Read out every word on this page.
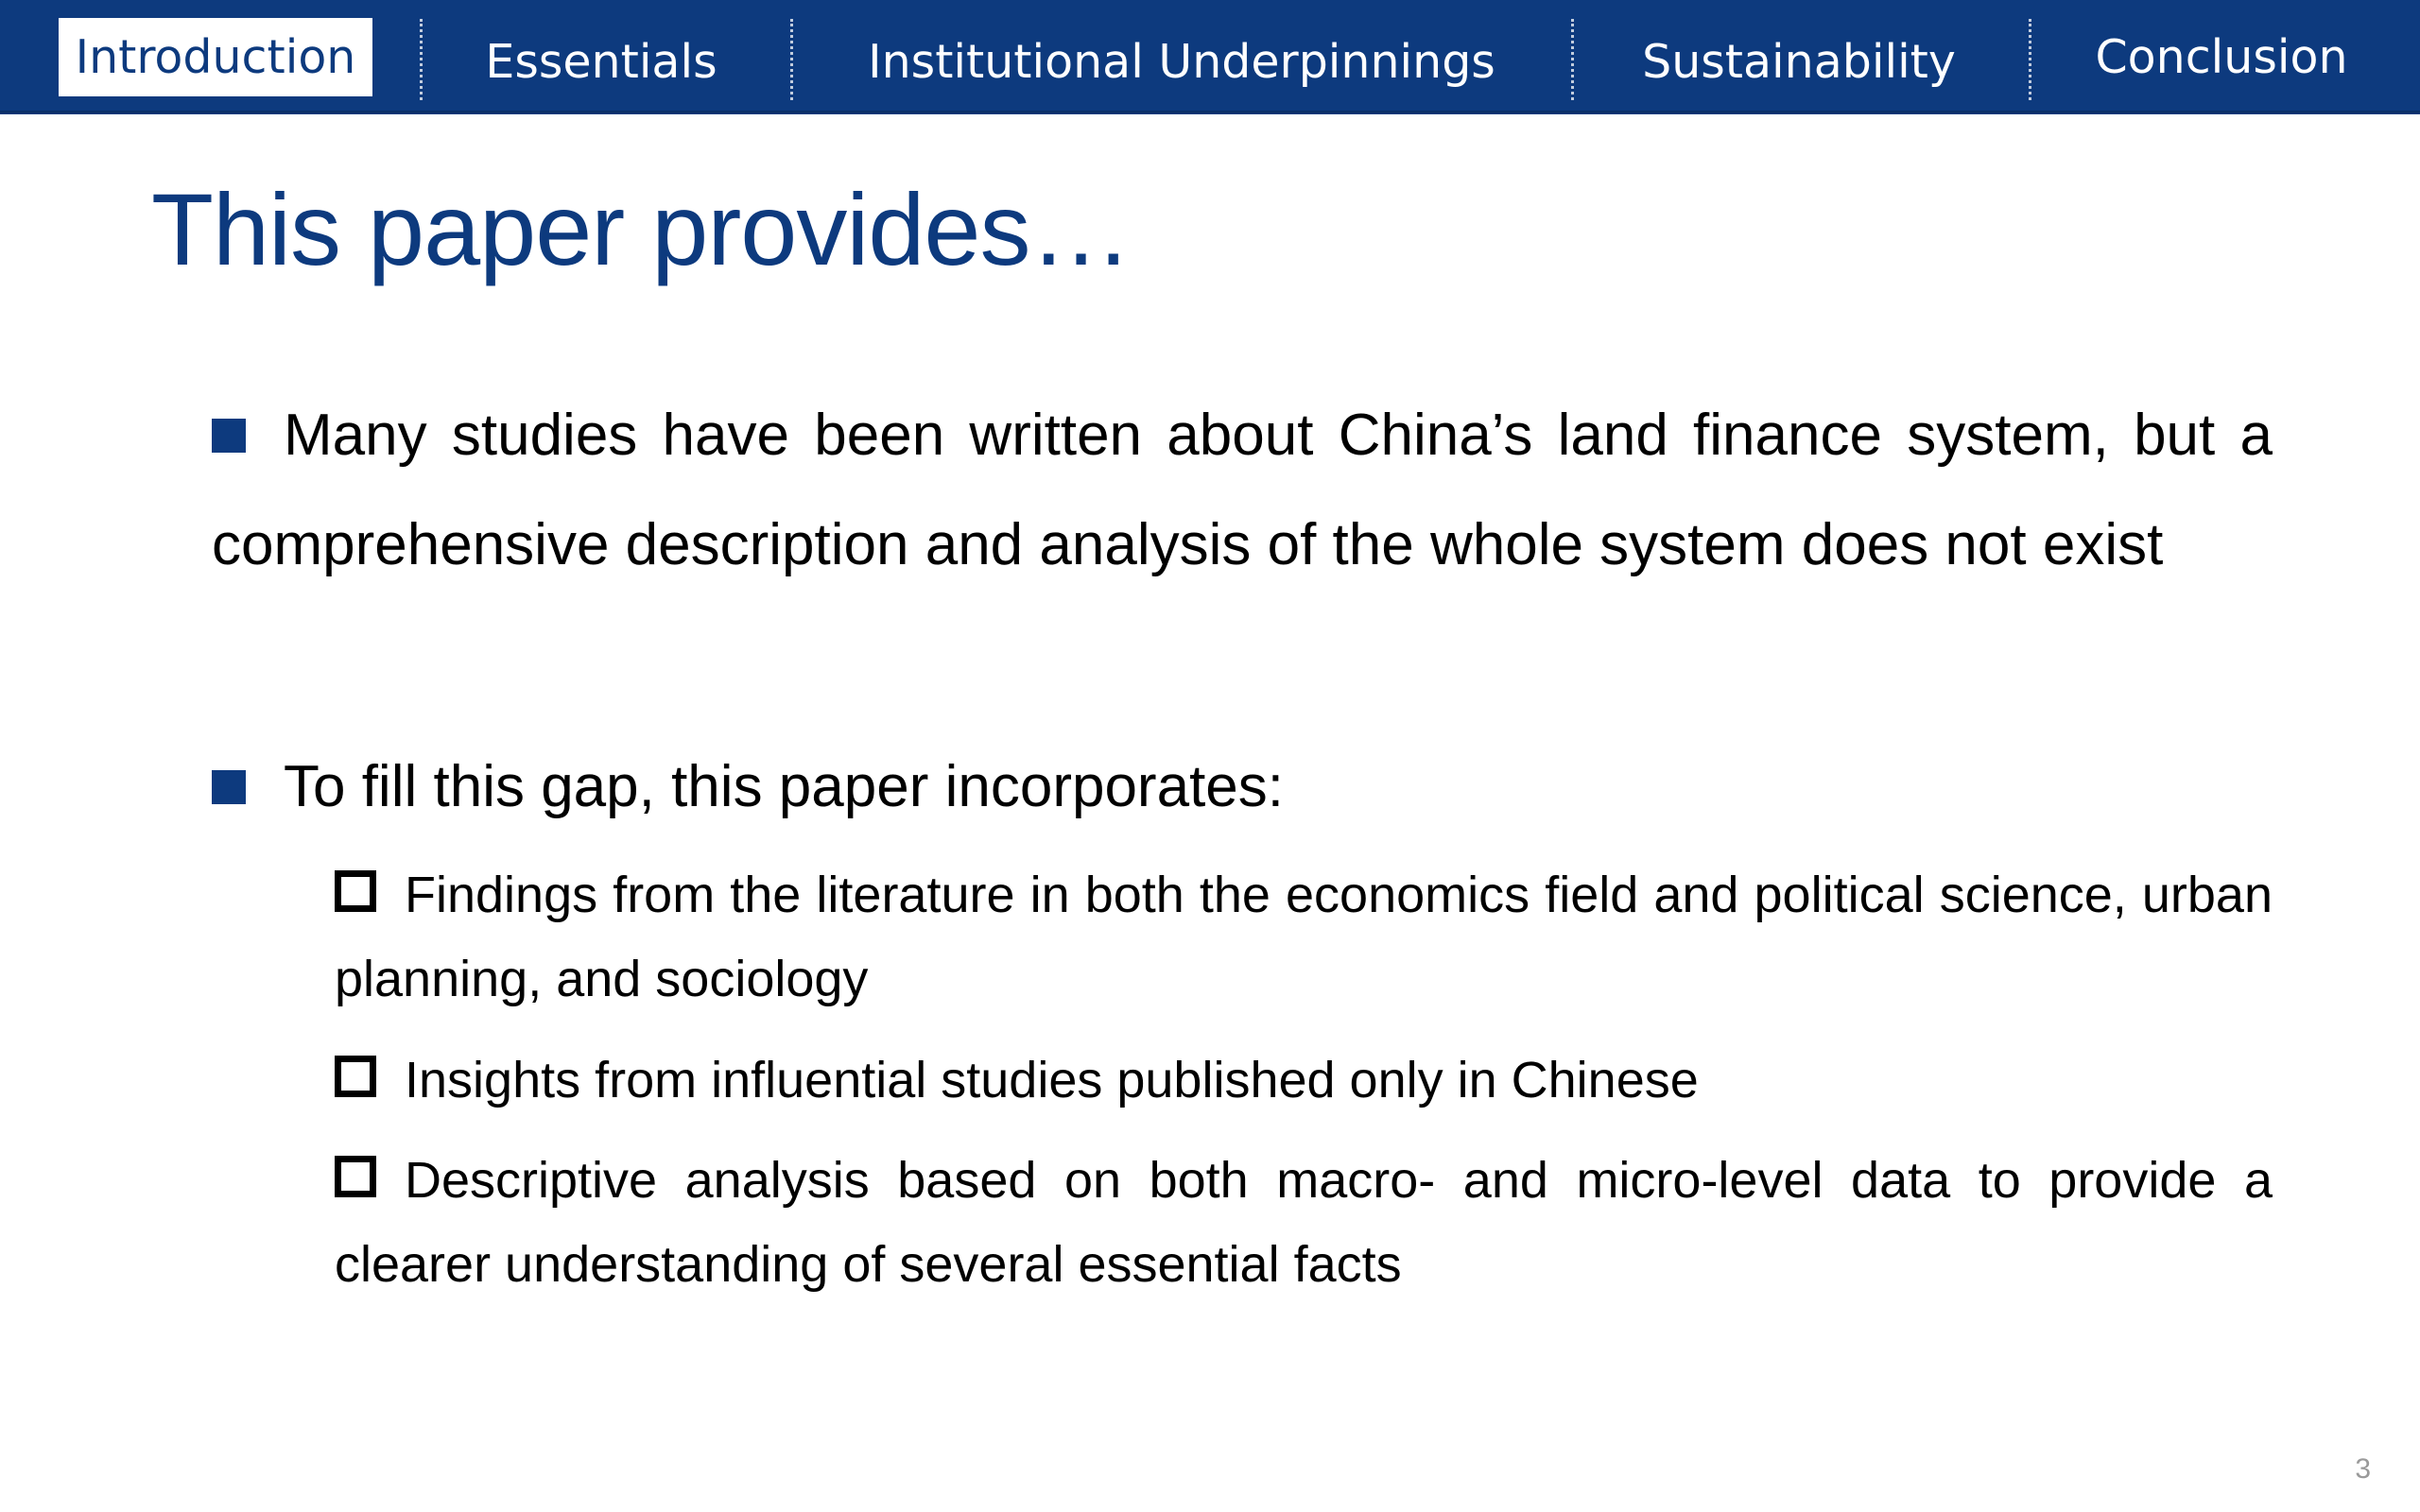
Introduction	Essentials	Institutional Underpinnings	Sustainability	Conclusion
This paper provides…
Many studies have been written about China’s land finance system, but a comprehensive description and analysis of the whole system does not exist
To fill this gap, this paper incorporates:
Findings from the literature in both the economics field and political science, urban planning, and sociology
Insights from influential studies published only in Chinese
Descriptive analysis based on both macro- and micro-level data to provide a clearer understanding of several essential facts
3
